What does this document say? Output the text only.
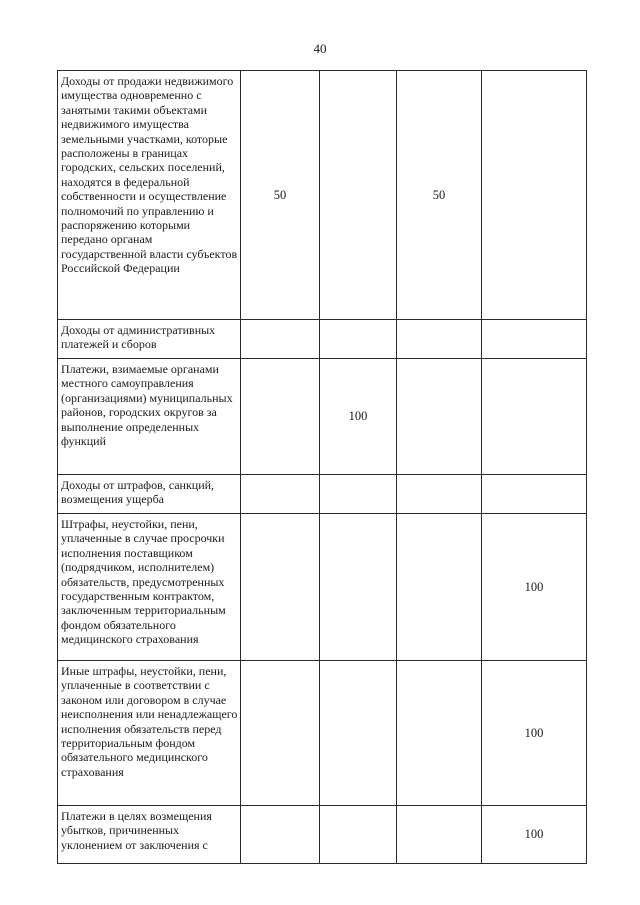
40
Доходы от продажи недвижимого имущества одновременно с занятыми такими объектами недвижимого имущества земельными участками, которые расположены в границах городских, сельских поселений, находятся в федеральной собственности и осуществление полномочий по управлению и распоряжению которыми передано органам государственной власти субъектов Российской Федерации	50		50	
Доходы от административных платежей и сборов				
Платежи, взимаемые органами местного самоуправления (организациями) муниципальных районов, городских округов за выполнение определенных функций		100		
Доходы от штрафов, санкций, возмещения ущерба				
Штрафы, неустойки, пени, уплаченные в случае просрочки исполнения поставщиком (подрядчиком, исполнителем) обязательств, предусмотренных государственным контрактом, заключенным территориальным фондом обязательного медицинского страхования				100
Иные штрафы, неустойки, пени, уплаченные в соответствии с законом или договором в случае неисполнения или ненадлежащего исполнения обязательств перед территориальным фондом обязательного медицинского страхования				100
Платежи в целях возмещения убытков, причиненных уклонением от заключения с				100
